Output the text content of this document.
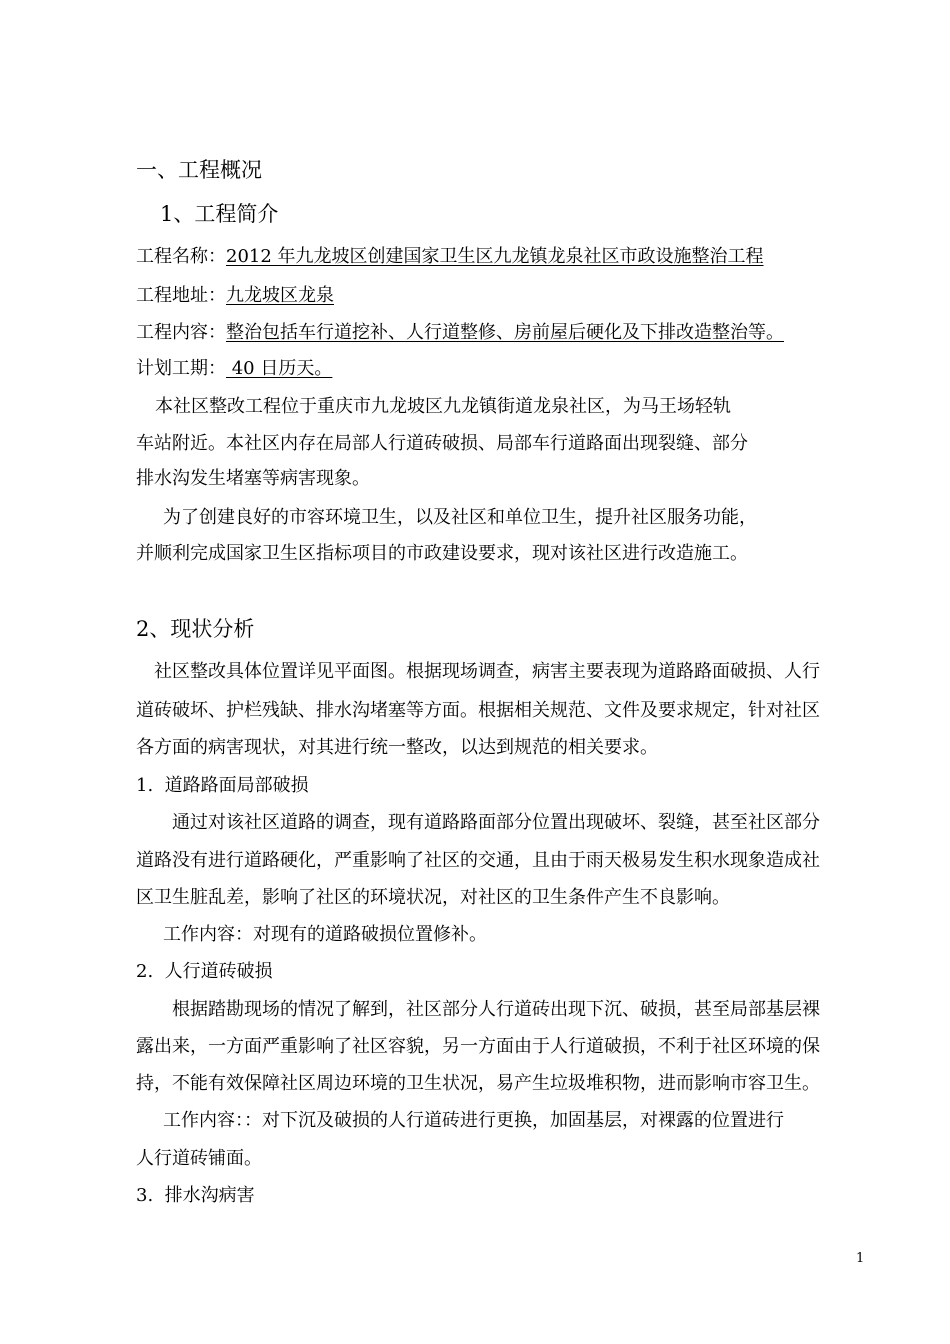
一、工程概况
1、工程简介
工程名称：2012 年九龙坡区创建国家卫生区九龙镇龙泉社区市政设施整治工程
工程地址：九龙坡区龙泉
工程内容：整治包括车行道挖补、人行道整修、房前屋后硬化及下排改造整治等。
计划工期： 40 日历天。
本社区整改工程位于重庆市九龙坡区九龙镇街道龙泉社区，为马王场轻轨
车站附近。本社区内存在局部人行道砖破损、局部车行道路面出现裂缝、部分
排水沟发生堵塞等病害现象。
为了创建良好的市容环境卫生，以及社区和单位卫生，提升社区服务功能，
并顺利完成国家卫生区指标项目的市政建设要求，现对该社区进行改造施工。
2、现状分析
社区整改具体位置详见平面图。根据现场调查，病害主要表现为道路路面破损、人行
道砖破坏、护栏残缺、排水沟堵塞等方面。根据相关规范、文件及要求规定，针对社区
各方面的病害现状，对其进行统一整改，以达到规范的相关要求。
1.  道路路面局部破损
通过对该社区道路的调查，现有道路路面部分位置出现破坏、裂缝，甚至社区部分
道路没有进行道路硬化，严重影响了社区的交通，且由于雨天极易发生积水现象造成社
区卫生脏乱差，影响了社区的环境状况，对社区的卫生条件产生不良影响。
工作内容：对现有的道路破损位置修补。
2.  人行道砖破损
根据踏勘现场的情况了解到，社区部分人行道砖出现下沉、破损，甚至局部基层裸
露出来，一方面严重影响了社区容貌，另一方面由于人行道破损，不利于社区环境的保
持，不能有效保障社区周边环境的卫生状况，易产生垃圾堆积物，进而影响市容卫生。
工作内容：：对下沉及破损的人行道砖进行更换，加固基层，对裸露的位置进行
人行道砖铺面。
3.  排水沟病害
1
